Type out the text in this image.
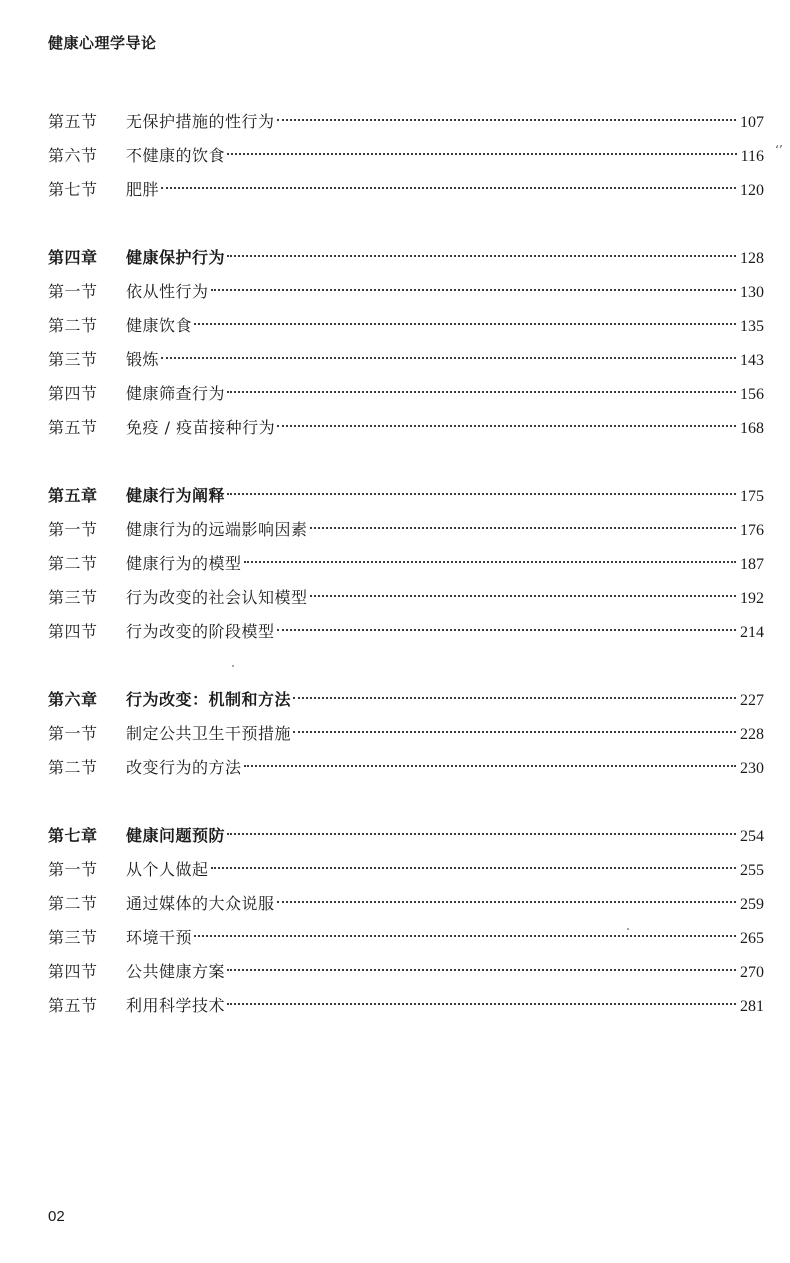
健康心理学导论
‘’
第五节	无保护措施的性行为	107
第六节	不健康的饮食	116
第七节	肥胖	120
第四章	健康保护行为	128
第一节	依从性行为	130
第二节	健康饮食	135
第三节	锻炼	143
第四节	健康筛查行为	156
第五节	免疫 / 疫苗接种行为	168
第五章	健康行为阐释	175
第一节	健康行为的远端影响因素	176
第二节	健康行为的模型	187
第三节	行为改变的社会认知模型	192
第四节	行为改变的阶段模型	214
第六章	行为改变：机制和方法	227
第一节	制定公共卫生干预措施	228
第二节	改变行为的方法	230
第七章	健康问题预防	254
第一节	从个人做起	255
第二节	通过媒体的大众说服	259
第三节	环境干预	265
第四节	公共健康方案	270
第五节	利用科学技术	281
02
